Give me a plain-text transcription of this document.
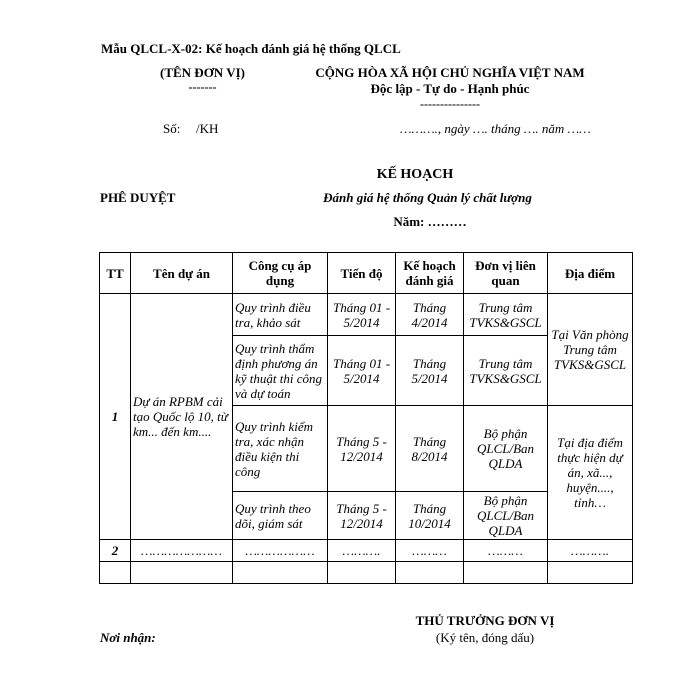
Mẫu QLCL-X-02: Kế hoạch đánh giá hệ thống QLCL
(TÊN ĐƠN VỊ)
-------
CỘNG HÒA XÃ HỘI CHỦ NGHĨA VIỆT NAM
Độc lập - Tự do - Hạnh phúc
---------------
Số: /KH	………., ngày …. tháng …. năm ……
KẾ HOẠCH
PHÊ DUYỆT	Đánh giá hệ thống Quản lý chất lượng
Năm: ………
TT	Tên dự án	Công cụ áp dụng	Tiến độ	Kế hoạch đánh giá	Đơn vị liên quan	Địa điểm
1	Dự án RPBM cải tạo Quốc lộ 10, từ km... đến km....	Quy trình điều tra, khảo sát	Tháng 01 - 5/2014	Tháng 4/2014	Trung tâm TVKS&GSCL	Tại Văn phòng Trung tâm TVKS&GSCL
		Quy trình thẩm định phương án kỹ thuật thi công và dự toán	Tháng 01 - 5/2014	Tháng 5/2014	Trung tâm TVKS&GSCL	
		Quy trình kiểm tra, xác nhận điều kiện thi công	Tháng 5 - 12/2014	Tháng 8/2014	Bộ phận QLCL/Ban QLDA	Tại địa điểm thực hiện dự án, xã..., huyện...., tỉnh…
		Quy trình theo dõi, giám sát	Tháng 5 - 12/2014	Tháng 10/2014	Bộ phận QLCL/Ban QLDA	
2	…………………	………………	……….	………	………	……….

THỦ TRƯỞNG ĐƠN VỊ
(Ký tên, đóng dấu)
Nơi nhận:
